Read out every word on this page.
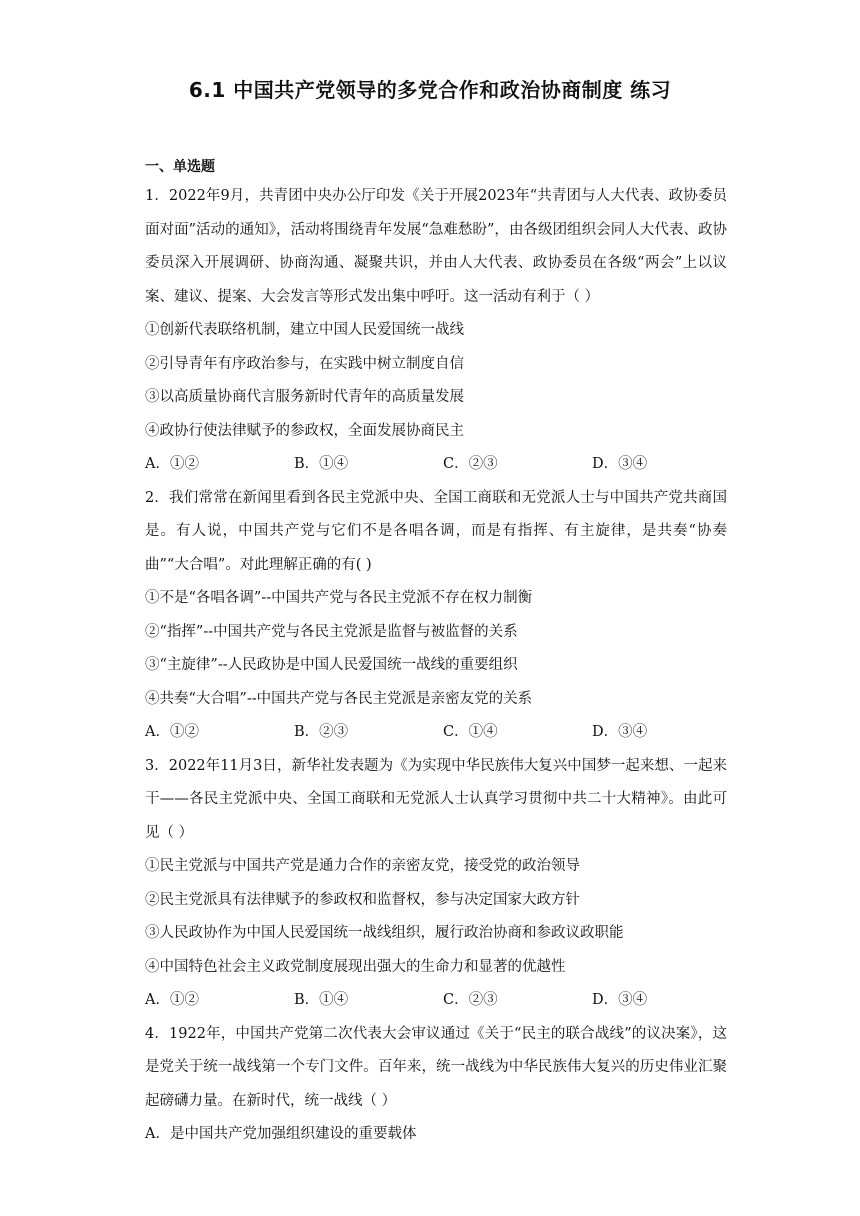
6.1 中国共产党领导的多党合作和政治协商制度 练习
一、单选题

1．2022年9月，共青团中央办公厅印发《关于开展2023年“共青团与人大代表、政协委员面对面”活动的通知》，活动将围绕青年发展“急难愁盼”，由各级团组织会同人大代表、政协委员深入开展调研、协商沟通、凝聚共识，并由人大代表、政协委员在各级“两会”上以议案、建议、提案、大会发言等形式发出集中呼吁。这一活动有利于（ ）

①创新代表联络机制，建立中国人民爱国统一战线

②引导青年有序政治参与，在实践中树立制度自信

③以高质量协商代言服务新时代青年的高质量发展

④政协行使法律赋予的参政权，全面发展协商民主

A．①②	B．①④	C．②③	D．③④

2．我们常常在新闻里看到各民主党派中央、全国工商联和无党派人士与中国共产党共商国是。有人说，中国共产党与它们不是各唱各调，而是有指挥、有主旋律，是共奏“协奏曲”“大合唱”。对此理解正确的有( )

①不是“各唱各调”--中国共产党与各民主党派不存在权力制衡

②“指挥”--中国共产党与各民主党派是监督与被监督的关系

③“主旋律”--人民政协是中国人民爱国统一战线的重要组织

④共奏“大合唱”--中国共产党与各民主党派是亲密友党的关系

A．①②	B．②③	C．①④	D．③④

3．2022年11月3日，新华社发表题为《为实现中华民族伟大复兴中国梦一起来想、一起来干——各民主党派中央、全国工商联和无党派人士认真学习贯彻中共二十大精神》。由此可见（ ）

①民主党派与中国共产党是通力合作的亲密友党，接受党的政治领导

②民主党派具有法律赋予的参政权和监督权，参与决定国家大政方针

③人民政协作为中国人民爱国统一战线组织，履行政治协商和参政议政职能

④中国特色社会主义政党制度展现出强大的生命力和显著的优越性

A．①②	B．①④	C．②③	D．③④

4．1922年，中国共产党第二次代表大会审议通过《关于“民主的联合战线”的议决案》，这是党关于统一战线第一个专门文件。百年来，统一战线为中华民族伟大复兴的历史伟业汇聚起磅礴力量。在新时代，统一战线（ ）

A．是中国共产党加强组织建设的重要载体
